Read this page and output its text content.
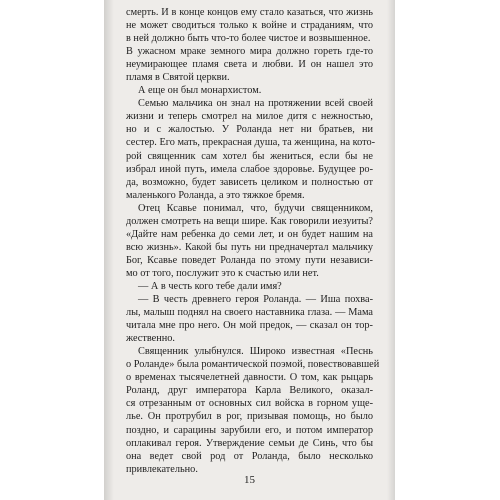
смерть. И в конце концов ему стало казаться, что жизнь
не может сводиться только к войне и страданиям, что
в ней должно быть что-то более чистое и возвышенное.
В ужасном мраке земного мира должно гореть где-то
неумирающее пламя света и любви. И он нашел это
пламя в Святой церкви.
А еще он был монархистом.
Семью мальчика он знал на протяжении всей своей
жизни и теперь смотрел на милое дитя с нежностью,
но и с жалостью. У Роланда нет ни братьев, ни
сестер. Его мать, прекрасная душа, та женщина, на кото-
рой священник сам хотел бы жениться, если бы не
избрал иной путь, имела слабое здоровье. Будущее ро-
да, возможно, будет зависеть целиком и полностью от
маленького Роланда, а это тяжкое бремя.
Отец Ксавье понимал, что, будучи священником,
должен смотреть на вещи шире. Как говорили иезуиты?
«Дайте нам ребенка до семи лет, и он будет нашим на
всю жизнь». Какой бы путь ни предначертал мальчику
Бог, Ксавье поведет Роланда по этому пути независи-
мо от того, послужит это к счастью или нет.
— А в честь кого тебе дали имя?
— В честь древнего героя Роланда. — Иша похва-
лы, малыш поднял на своего наставника глаза. — Мама
читала мне про него. Он мой предок, — сказал он тор-
жественно.
Священник улыбнулся. Широко известная «Песнь
о Роланде» была романтической поэмой, повествовавшей
о временах тысячелетней давности. О том, как рыцарь
Роланд, друг императора Карла Великого, оказал-
ся отрезанным от основных сил войска в горном уще-
лье. Он протрубил в рог, призывая помощь, но было
поздно, и сарацины зарубили его, и потом император
оплакивал героя. Утверждение семьи де Синь, что бы
она ведет свой род от Роланда, было несколько
привлекательно.
15
